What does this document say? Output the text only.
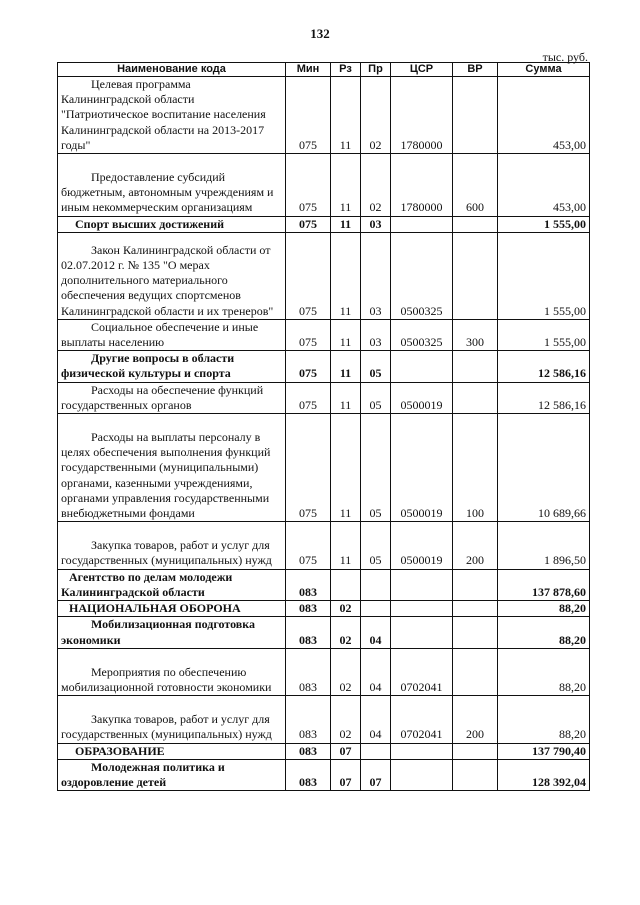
132
тыс. руб.
Наименование кода	Мин	Рз	Пр	ЦСР	ВР	Сумма

Целевая программа Калининградской области "Патриотическое воспитание населения Калининградской области на 2013-2017 годы"	075	11	02	1780000		453,00

Предоставление субсидий бюджетным, автономным учреждениям и иным некоммерческим организациям	075	11	02	1780000	600	453,00

Спорт высших достижений	075	11	03			1 555,00

Закон Калининградской области от 02.07.2012 г. № 135 "О мерах дополнительного материального обеспечения ведущих спортсменов Калининградской области и их тренеров"	075	11	03	0500325		1 555,00

Социальное обеспечение и иные выплаты населению	075	11	03	0500325	300	1 555,00

Другие вопросы в области физической культуры и спорта	075	11	05			12 586,16

Расходы на обеспечение функций государственных органов	075	11	05	0500019		12 586,16

Расходы на выплаты персоналу в целях обеспечения выполнения функций государственными (муниципальными) органами, казенными учреждениями, органами управления государственными внебюджетными фондами	075	11	05	0500019	100	10 689,66

Закупка товаров, работ и услуг для государственных (муниципальных) нужд	075	11	05	0500019	200	1 896,50

Агентство по делам молодежи Калининградской области	083					137 878,60

НАЦИОНАЛЬНАЯ ОБОРОНА	083	02				88,20

Мобилизационная подготовка экономики	083	02	04			88,20

Мероприятия по обеспечению мобилизационной готовности экономики	083	02	04	0702041		88,20

Закупка товаров, работ и услуг для государственных (муниципальных) нужд	083	02	04	0702041	200	88,20

ОБРАЗОВАНИЕ	083	07				137 790,40

Молодежная политика и оздоровление детей	083	07	07			128 392,04
